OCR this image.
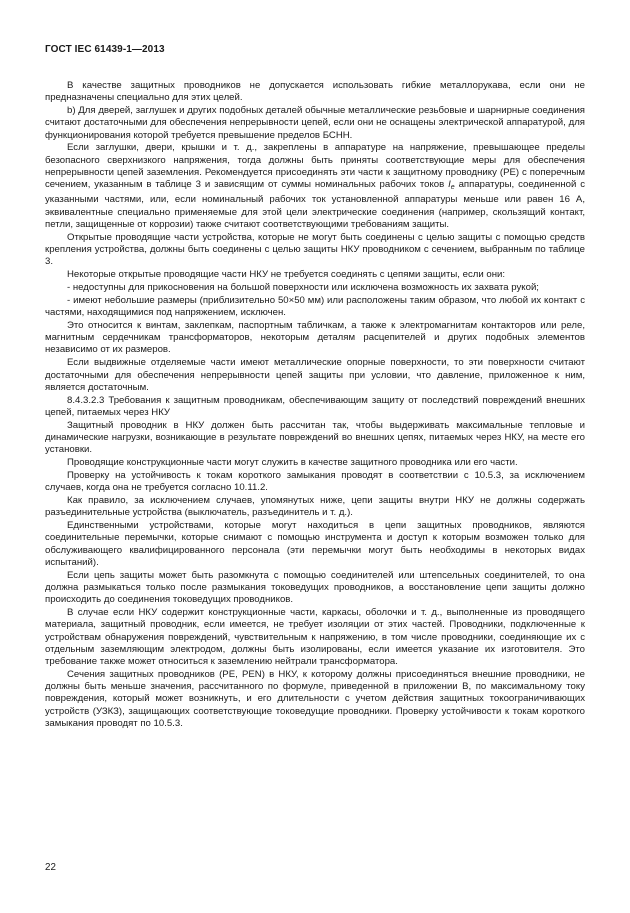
ГОСТ IEC 61439-1—2013

В качестве защитных проводников не допускается использовать гибкие металлорукава, если они не предназначены специально для этих целей.

b) Для дверей, заглушек и других подобных деталей обычные металлические резьбовые и шарнирные соединения считают достаточными для обеспечения непрерывности цепей, если они не оснащены электрической аппаратурой, для функционирования которой требуется превышение пределов БСНН.

Если заглушки, двери, крышки и т. д., закреплены в аппаратуре на напряжение, превышающее пределы безопасного сверхнизкого напряжения, тогда должны быть приняты соответствующие меры для обеспечения непрерывности цепей заземления. Рекомендуется присоединять эти части к защитному проводнику (PE) с поперечным сечением, указанным в таблице 3 и зависящим от суммы номинальных рабочих токов $I_e$ аппаратуры, соединенной с указанными частями, или, если номинальный рабочих ток установленной аппаратуры меньше или равен 16 А, эквивалентные специально применяемые для этой цели электрические соединения (например, скользящий контакт, петли, защищенные от коррозии) также считают соответствующими требованиям защиты.

Открытые проводящие части устройства, которые не могут быть соединены с целью защиты с помощью средств крепления устройства, должны быть соединены с целью защиты НКУ проводником с сечением, выбранным по таблице 3.

Некоторые открытые проводящие части НКУ не требуется соединять с цепями защиты, если они:

- недоступны для прикосновения на большой поверхности или исключена возможность их захвата рукой;

- имеют небольшие размеры (приблизительно 50×50 мм) или расположены таким образом, что любой их контакт с частями, находящимися под напряжением, исключен.

Это относится к винтам, заклепкам, паспортным табличкам, а также к электромагнитам контакторов или реле, магнитным сердечникам трансформаторов, некоторым деталям расцепителей и других подобных элементов независимо от их размеров.

Если выдвижные отделяемые части имеют металлические опорные поверхности, то эти поверхности считают достаточными для обеспечения непрерывности цепей защиты при условии, что давление, приложенное к ним, является достаточным.

8.4.3.2.3 Требования к защитным проводникам, обеспечивающим защиту от последствий повреждений внешних цепей, питаемых через НКУ

Защитный проводник в НКУ должен быть рассчитан так, чтобы выдерживать максимальные тепловые и динамические нагрузки, возникающие в результате повреждений во внешних цепях, питаемых через НКУ, на месте его установки.

Проводящие конструкционные части могут служить в качестве защитного проводника или его части.

Проверку на устойчивость к токам короткого замыкания проводят в соответствии с 10.5.3, за исключением случаев, когда она не требуется согласно 10.11.2.

Как правило, за исключением случаев, упомянутых ниже, цепи защиты внутри НКУ не должны содержать разъединительные устройства (выключатель, разъединитель и т. д.).

Единственными устройствами, которые могут находиться в цепи защитных проводников, являются соединительные перемычки, которые снимают с помощью инструмента и доступ к которым возможен только для обслуживающего квалифицированного персонала (эти перемычки могут быть необходимы в некоторых видах испытаний).

Если цепь защиты может быть разомкнута с помощью соединителей или штепсельных соединителей, то она должна размыкаться только после размыкания токоведущих проводников, а восстановление цепи защиты должно происходить до соединения токоведущих проводников.

В случае если НКУ содержит конструкционные части, каркасы, оболочки и т. д., выполненные из проводящего материала, защитный проводник, если имеется, не требует изоляции от этих частей. Проводники, подключенные к устройствам обнаружения повреждений, чувствительным к напряжению, в том числе проводники, соединяющие их с отдельным заземляющим электродом, должны быть изолированы, если имеется указание их изготовителя. Это требование также может относиться к заземлению нейтрали трансформатора.

Сечения защитных проводников (PE, PEN) в НКУ, к которому должны присоединяться внешние проводники, не должны быть меньше значения, рассчитанного по формуле, приведенной в приложении В, по максимальному току повреждения, который может возникнуть, и его длительности с учетом действия защитных токоограничивающих устройств (УЗКЗ), защищающих соответствующие токоведущие проводники. Проверку устойчивости к токам короткого замыкания проводят по 10.5.3.

22
